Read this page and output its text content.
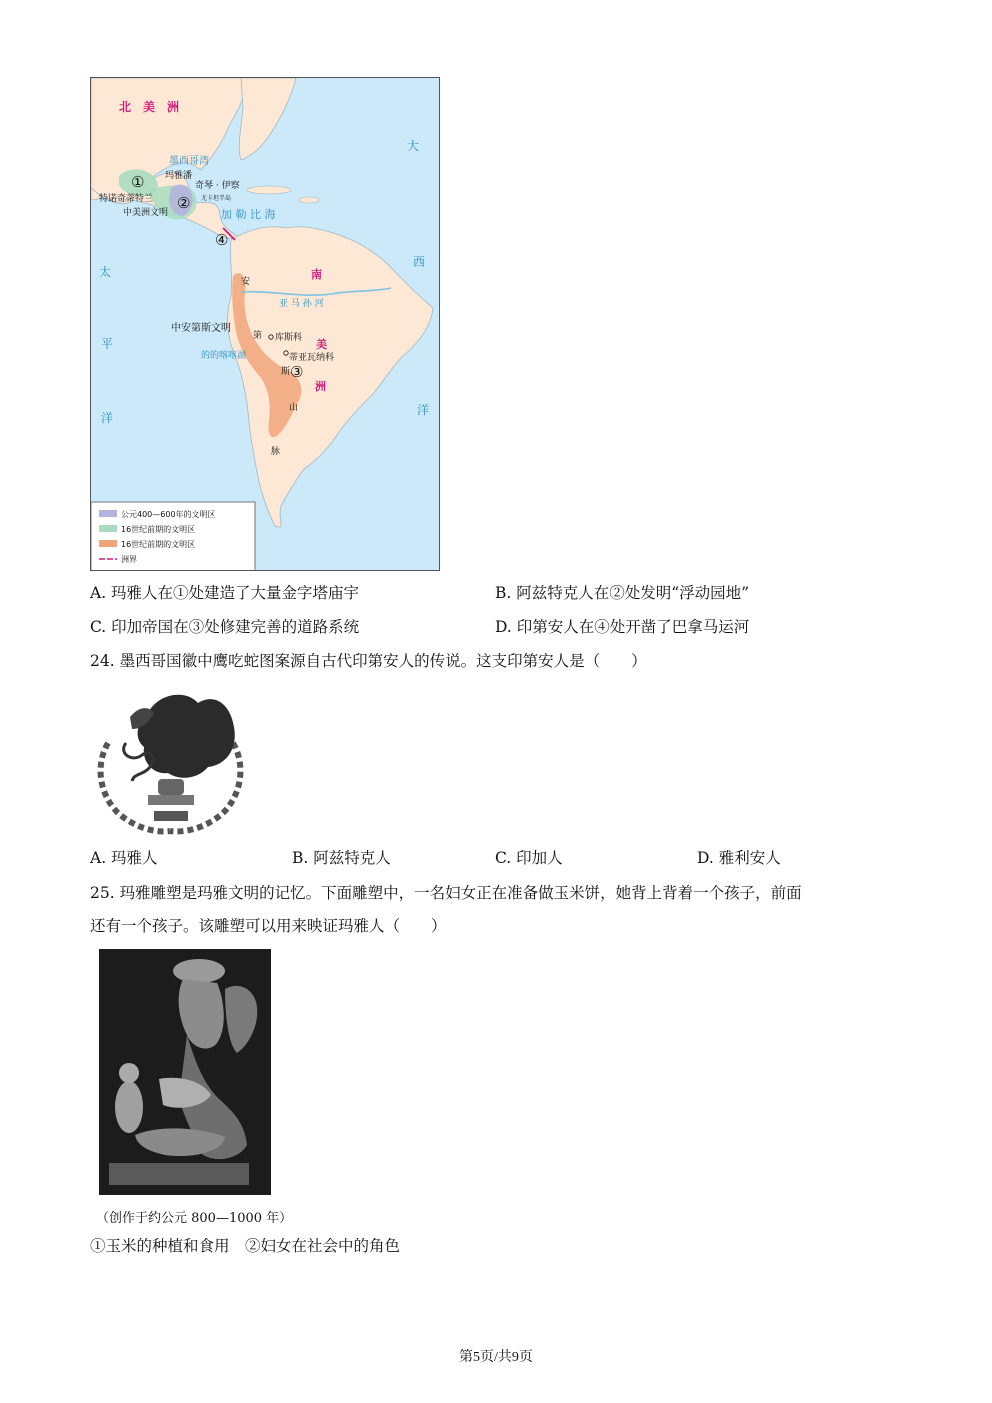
北　美　洲
墨西哥湾
玛雅潘
奇琴 · 伊察
尤卡坦半岛
特诺奇蒂特兰
中美洲文明	加 勒 比 海
大
西
洋
太
平
洋
南
美
洲
亚 马 孙 河
中安第斯文明
安
第
斯
山
脉
库斯科
的的喀喀湖	蒂亚瓦纳科
①
②
③
④
公元400—600年的文明区
16世纪前期的文明区
16世纪前期的文明区
洲界
A. 玛雅人在①处建造了大量金字塔庙宇	B. 阿兹特克人在②处发明“浮动园地”
C. 印加帝国在③处修建完善的道路系统	D. 印第安人在④处开凿了巴拿马运河
24. 墨西哥国徽中鹰吃蛇图案源自古代印第安人的传说。这支印第安人是（　　）
A. 玛雅人	B. 阿兹特克人	C. 印加人	D. 雅利安人
25. 玛雅雕塑是玛雅文明的记忆。下面雕塑中，一名妇女正在准备做玉米饼，她背上背着一个孩子，前面
还有一个孩子。该雕塑可以用来映证玛雅人（　　）
（创作于约公元 800—1000 年）
①玉米的种植和食用　②妇女在社会中的角色
第5页/共9页
